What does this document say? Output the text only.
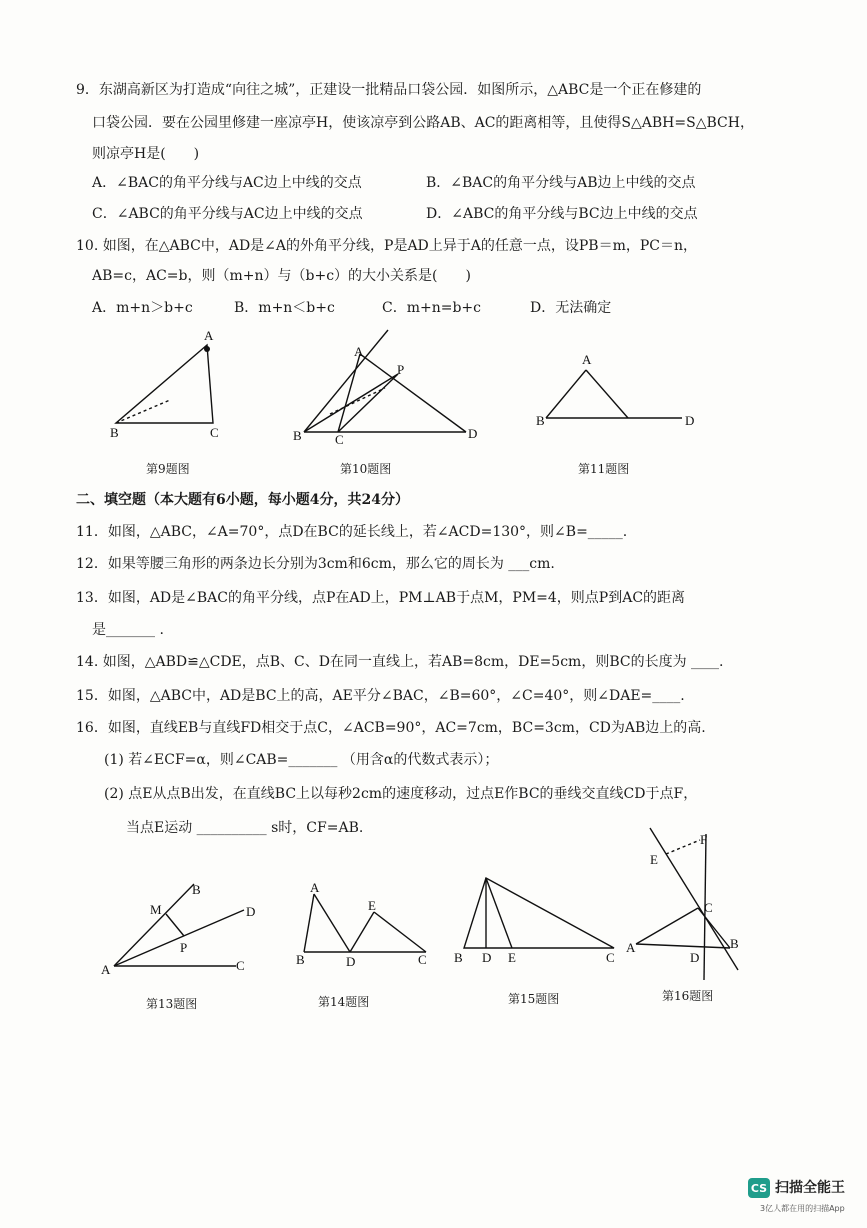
9．东湖高新区为打造成“向往之城”，正建设一批精品口袋公园．如图所示，△ABC是一个正在修建的
口袋公园．要在公园里修建一座凉亭H，使该凉亭到公路AB、AC的距离相等，且使得S△ABH=S△BCH，
则凉亭H是(　　)
10. 如图，在△ABC中，AD是∠A的外角平分线，P是AD上异于A的任意一点，设PB＝m，PC＝n，
AB=c，AC=b，则（m+n）与（b+c）的大小关系是(　　)
二、填空题（本大题有6小题，每小题4分，共24分）
11．如图，△ABC，∠A=70°，点D在BC的延长线上，若∠ACD=130°，则∠B=_____.
12．如果等腰三角形的两条边长分别为3cm和6cm，那么它的周长为 ___cm.
13．如图，AD是∠BAC的角平分线，点P在AD上，PM⊥AB于点M，PM=4，则点P到AC的距离
是_______ .
14. 如图，△ABD≌△CDE，点B、C、D在同一直线上，若AB=8cm，DE=5cm，则BC的长度为 ____.
15．如图，△ABC中，AD是BC上的高，AE平分∠BAC，∠B=60°，∠C=40°，则∠DAE=____.
16．如图，直线EB与直线FD相交于点C，∠ACB=90°，AC=7cm，BC=3cm，CD为AB边上的高.
(1) 若∠ECF=α，则∠CAB=_______ （用含α的代数式表示）；
(2) 点E从点B出发，在直线BC上以每秒2cm的速度移动，过点E作BC的垂线交直线CD于点F，
当点E运动 __________ s时，CF=AB.
A．∠BAC的角平分线与AC边上中线的交点	B．∠BAC的角平分线与AB边上中线的交点
C．∠ABC的角平分线与AC边上中线的交点	D．∠ABC的角平分线与BC边上中线的交点
A．m+n＞b+c	B．m+n＜b+c	C．m+n=b+c	D．无法确定
第9题图	第10题图	第11题图
第13题图	第14题图	第15题图	第16题图
A
B	C
A
P
B	C	D
A
B	D
B
M	D
P
A	C
A
E
B	D	C B D E	C
F
E
C
A	B
D
CS 扫描全能王
3亿人都在用的扫描App
